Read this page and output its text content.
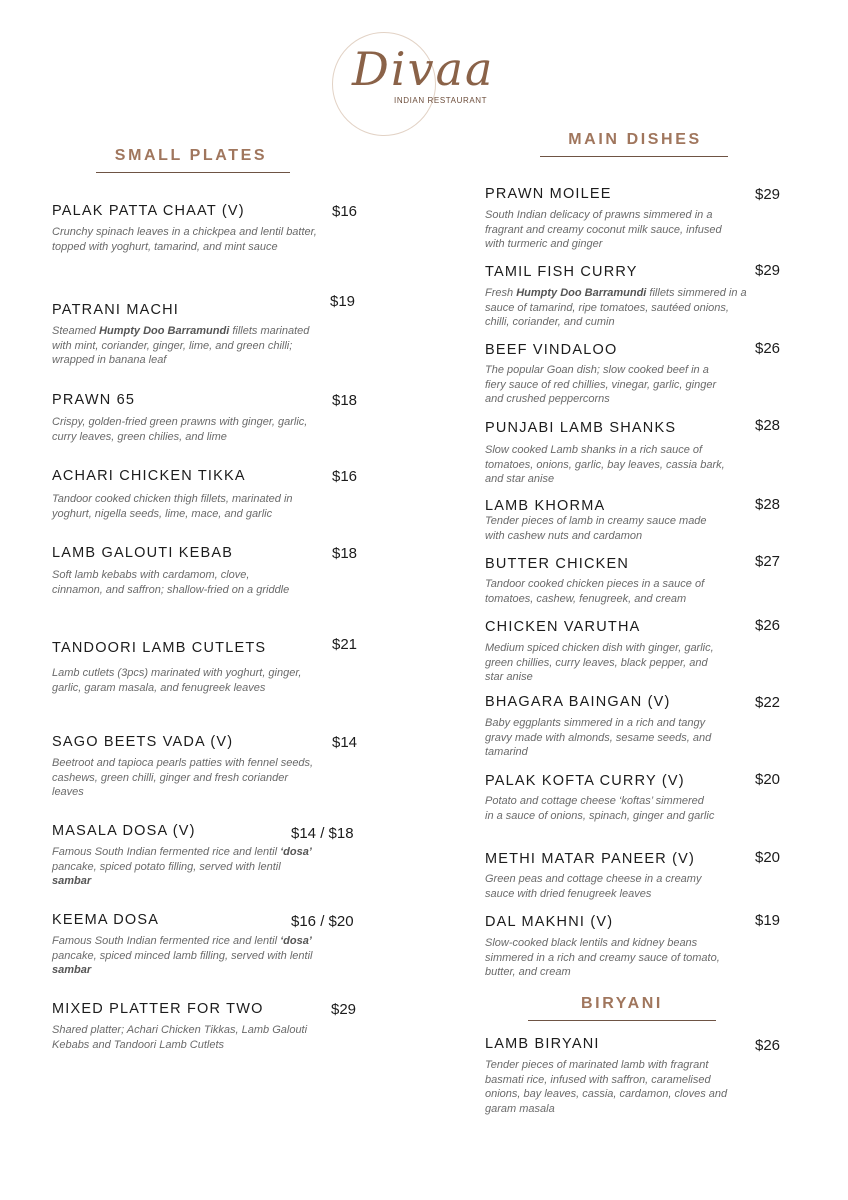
Divaa
INDIAN RESTAURANT
SMALL PLATES
PALAK PATTA CHAAT (V)	$16
Crunchy spinach leaves in a chickpea and lentil batter, topped with yoghurt, tamarind, and mint sauce
PATRANI MACHI	$19
Steamed Humpty Doo Barramundi fillets marinated with mint, coriander, ginger, lime, and green chilli; wrapped in banana leaf
PRAWN 65	$18
Crispy, golden-fried green prawns with ginger, garlic, curry leaves, green chilies, and lime
ACHARI CHICKEN TIKKA	$16
Tandoor cooked chicken thigh fillets, marinated in yoghurt, nigella seeds, lime, mace, and garlic
LAMB GALOUTI KEBAB	$18
Soft lamb kebabs with cardamom, clove, cinnamon, and saffron; shallow-fried on a griddle
TANDOORI LAMB CUTLETS	$21
Lamb cutlets (3pcs) marinated with yoghurt, ginger, garlic, garam masala, and fenugreek leaves
SAGO BEETS VADA (V)	$14
Beetroot and tapioca pearls patties with fennel seeds, cashews, green chilli, ginger and fresh coriander leaves
MASALA DOSA (V)	$14 / $18
Famous South Indian fermented rice and lentil ‘dosa’ pancake, spiced potato filling, served with lentil sambar
KEEMA DOSA	$16 / $20
Famous South Indian fermented rice and lentil ‘dosa’ pancake, spiced minced lamb filling, served with lentil sambar
MIXED PLATTER FOR TWO	$29
Shared platter; Achari Chicken Tikkas, Lamb Galouti Kebabs and Tandoori Lamb Cutlets
MAIN DISHES
PRAWN MOILEE	$29
South Indian delicacy of prawns simmered in a fragrant and creamy coconut milk sauce, infused with turmeric and ginger
TAMIL FISH CURRY	$29
Fresh Humpty Doo Barramundi fillets simmered in a sauce of tamarind, ripe tomatoes, sautéed onions, chilli, coriander, and cumin
BEEF VINDALOO	$26
The popular Goan dish; slow cooked beef in a fiery sauce of red chillies, vinegar, garlic, ginger and crushed peppercorns
PUNJABI LAMB SHANKS	$28
Slow cooked Lamb shanks in a rich sauce of tomatoes, onions, garlic, bay leaves, cassia bark, and star anise
LAMB KHORMA	$28
Tender pieces of lamb in creamy sauce made with cashew nuts and cardamon
BUTTER CHICKEN	$27
Tandoor cooked chicken pieces in a sauce of tomatoes, cashew, fenugreek, and cream
CHICKEN VARUTHA	$26
Medium spiced chicken dish with ginger, garlic, green chillies, curry leaves, black pepper, and star anise
BHAGARA BAINGAN (V)	$22
Baby eggplants simmered in a rich and tangy gravy made with almonds, sesame seeds, and tamarind
PALAK KOFTA CURRY (V)	$20
Potato and cottage cheese ‘koftas’ simmered in a sauce of onions, spinach, ginger and garlic
METHI MATAR PANEER (V)	$20
Green peas and cottage cheese in a creamy sauce with dried fenugreek leaves
DAL MAKHNI (V)	$19
Slow-cooked black lentils and kidney beans simmered in a rich and creamy sauce of tomato, butter, and cream
BIRYANI
LAMB BIRYANI	$26
Tender pieces of marinated lamb with fragrant basmati rice, infused with saffron, caramelised onions, bay leaves, cassia, cardamon, cloves and garam masala
